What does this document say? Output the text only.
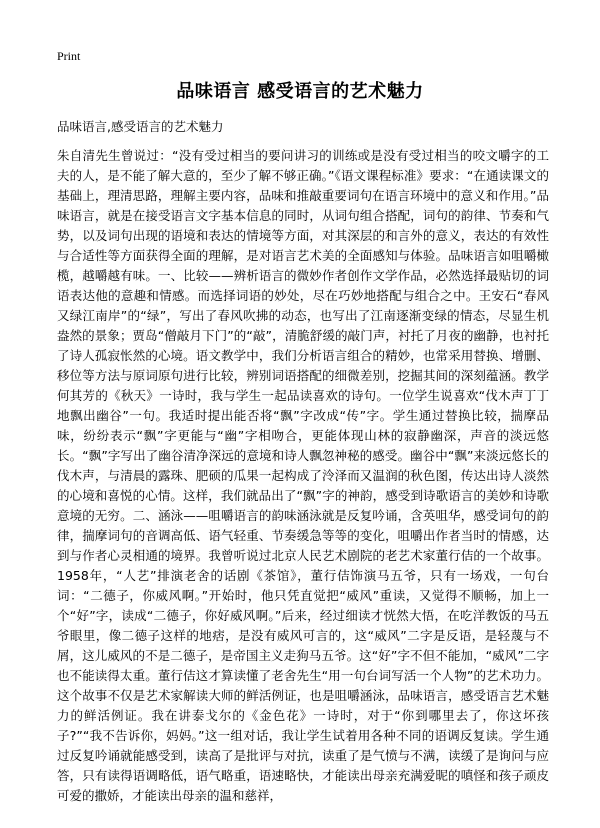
Print
品味语言 感受语言的艺术魅力

品味语言,感受语言的艺术魅力

朱自清先生曾说过：“没有受过相当的要问讲习的训练或是没有受过相当的咬文嚼字的工夫的人，是不能了解大意的，至少了解不够正确。”《语文课程标准》要求：“在通读课文的基础上，理清思路，理解主要内容，品味和推敲重要词句在语言环境中的意义和作用。”品味语言，就是在接受语言文字基本信息的同时，从词句组合搭配，词句的韵律、节奏和气势，以及词句出现的语境和表达的情境等方面，对其深层的和言外的意义，表达的有效性与合适性等方面获得全面的理解，是对语言艺术美的全面感知与体验。品味语言如咀嚼橄榄，越嚼越有味。一、比较——辨析语言的微妙作者创作文学作品，必然选择最贴切的词语表达他的意趣和情感。而选择词语的妙处，尽在巧妙地搭配与组合之中。王安石“春风又绿江南岸”的“绿”，写出了春风吹拂的动态，也写出了江南逐渐变绿的情态，尽显生机盎然的景象；贾岛“僧敲月下门”的“敲”，清脆舒缓的敲门声，衬托了月夜的幽静，也衬托了诗人孤寂怅然的心境。语文教学中，我们分析语言组合的精妙，也常采用替换、增删、移位等方法与原词原句进行比较，辨别词语搭配的细微差别，挖掘其间的深刻蕴涵。教学何其芳的《秋天》一诗时，我与学生一起品读喜欢的诗句。一位学生说喜欢“伐木声丁丁地飘出幽谷”一句。我适时提出能否将“飘”字改成“传”字。学生通过替换比较，揣摩品味，纷纷表示“飘”字更能与“幽”字相吻合，更能体现山林的寂静幽深，声音的淡远悠长。“飘”字写出了幽谷清净深远的意境和诗人飘忽神秘的感受。幽谷中“飘”来淡远悠长的伐木声，与清晨的露珠、肥硕的瓜果一起构成了泠泽而又温润的秋色图，传达出诗人淡然的心境和喜悦的心情。这样，我们就品出了“飘”字的神韵，感受到诗歌语言的美妙和诗歌意境的无穷。二、涵泳——咀嚼语言的韵味涵泳就是反复吟诵，含英咀华，感受词句的韵律，揣摩词句的音调高低、语气轻重、节奏缓急等等的变化，咀嚼出作者当时的情感，达到与作者心灵相通的境界。我曾听说过北京人民艺术剧院的老艺术家董行佶的一个故事。1958年，“人艺”排演老舍的话剧《茶馆》，董行佶饰演马五爷，只有一场戏，一句台词：“二德子，你威风啊。”开始时，他只凭直觉把“威风”重读，又觉得不顺畅，加上一个“好”字，读成“二德子，你好威风啊。”后来，经过细读才恍然大悟，在吃洋教饭的马五爷眼里，像二德子这样的地痞，是没有威风可言的，这“威风”二字是反语，是轻蔑与不屑，这儿威风的不是二德子，是帝国主义走狗马五爷。这“好”字不但不能加，“威风”二字也不能读得太重。董行佶这才算读懂了老舍先生“用一句台词写活一个人物”的艺术功力。这个故事不仅是艺术家解读大师的鲜活例证，也是咀嚼涵泳，品味语言，感受语言艺术魅力的鲜活例证。我在讲泰戈尔的《金色花》一诗时，对于“你到哪里去了，你这坏孩子?”“我不告诉你，妈妈。”这一组对话，我让学生试着用各种不同的语调反复读。学生通过反复吟诵就能感受到，读高了是批评与对抗，读重了是气愤与不满，读缓了是询问与应答，只有读得语调略低，语气略重，语速略快，才能读出母亲充满爱昵的嗔怪和孩子顽皮可爱的撒娇，才能读出母亲的温和慈祥，
